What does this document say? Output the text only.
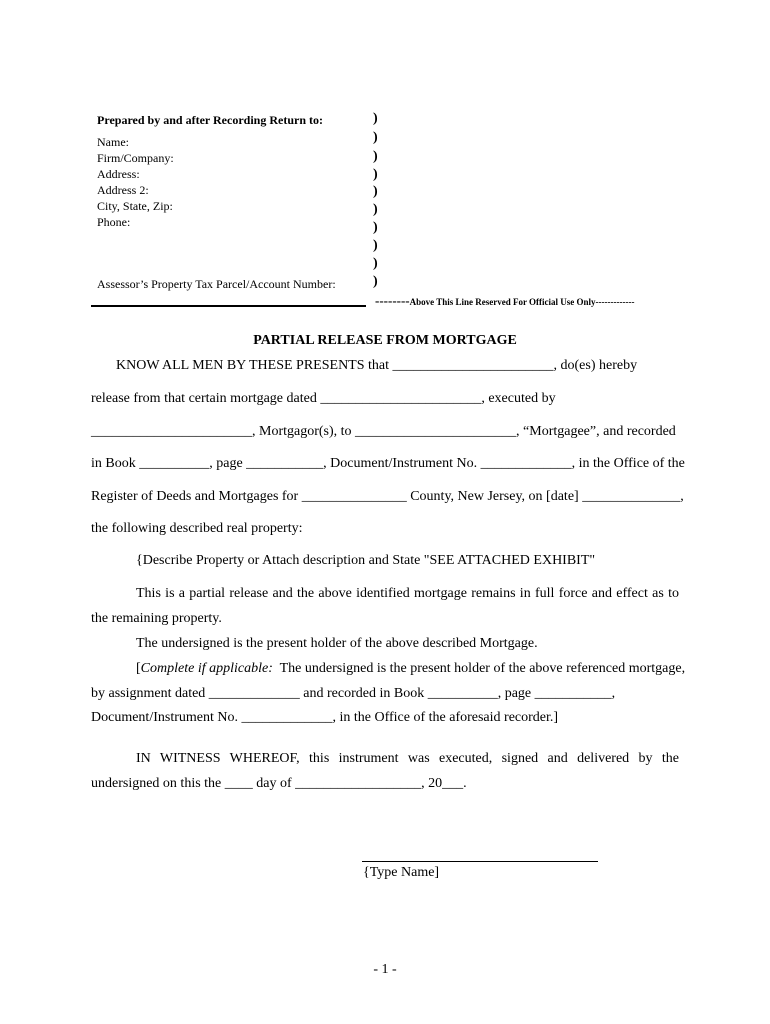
Prepared by and after Recording Return to:
Name:
Firm/Company:
Address:
Address 2:
City, State, Zip:
Phone:
Assessor’s Property Tax Parcel/Account Number:
)
)
)
)
)
)
)
)
)
)
--------Above This Line Reserved For Official Use Only-------------
PARTIAL RELEASE FROM MORTGAGE
KNOW ALL MEN BY THESE PRESENTS that _______________________, do(es) hereby
release from that certain mortgage dated _______________________, executed by
_______________________, Mortgagor(s), to _______________________, “Mortgagee”, and recorded
in Book __________, page ___________, Document/Instrument No. _____________, in the Office of the
Register of Deeds and Mortgages for _______________ County, New Jersey, on [date] ______________,
the following described real property:
{Describe Property or Attach description and State "SEE ATTACHED EXHIBIT"
This is a partial release and the above identified mortgage remains in full force and effect as to
the remaining property.
The undersigned is the present holder of the above described Mortgage.
[Complete if applicable:  The undersigned is the present holder of the above referenced mortgage,
by assignment dated _____________ and recorded in Book __________, page ___________,
Document/Instrument No. _____________, in the Office of the aforesaid recorder.]
IN WITNESS WHEREOF, this instrument was executed, signed and delivered by the
undersigned on this the ____ day of __________________, 20___.
{Type Name]
- 1 -
